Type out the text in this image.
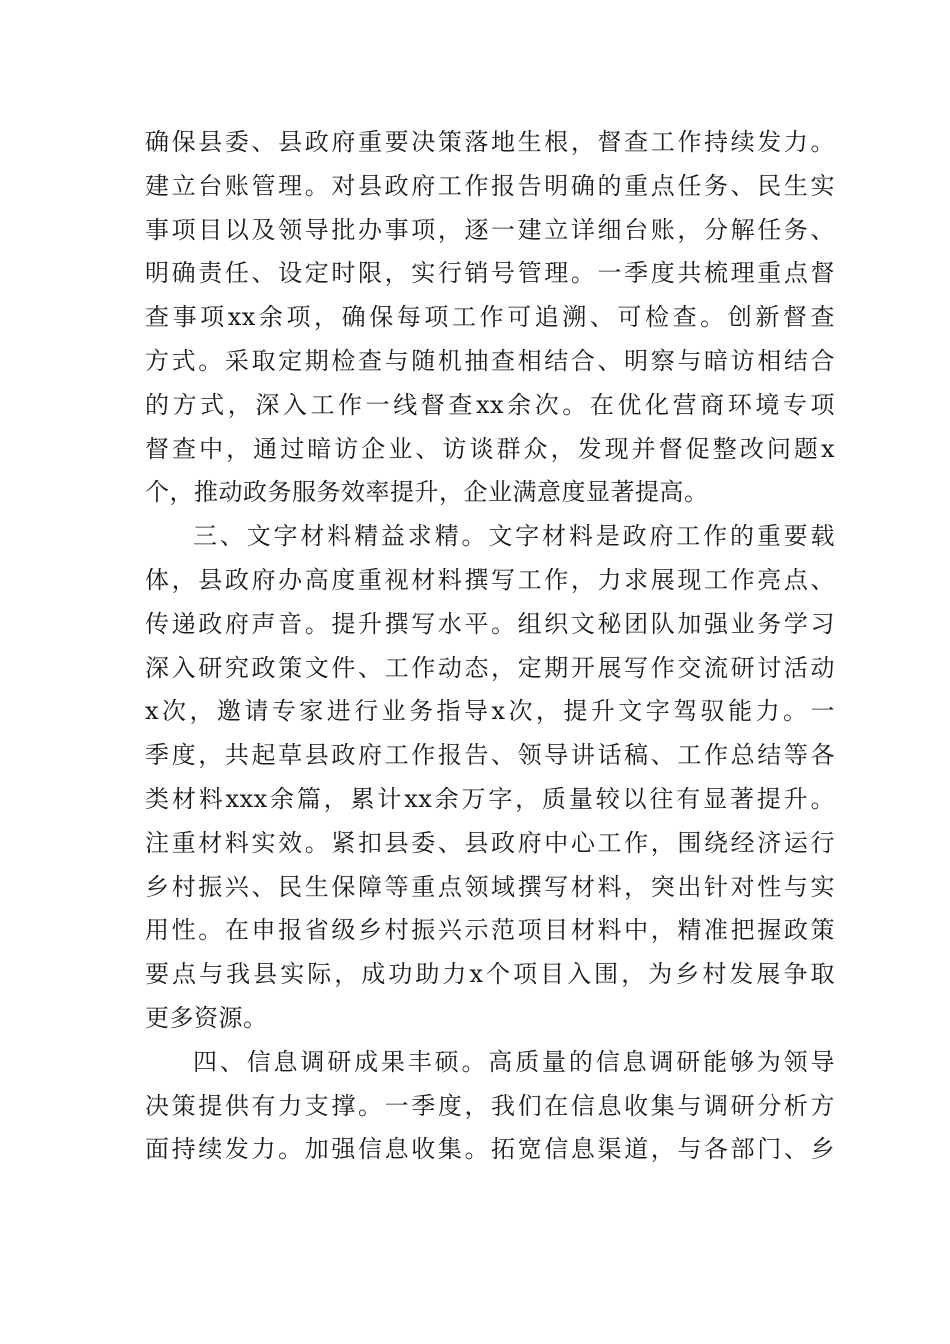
确保县委、县政府重要决策落地生根，督查工作持续发力。
建立台账管理。对县政府工作报告明确的重点任务、民生实
事项目以及领导批办事项，逐一建立详细台账，分解任务、
明确责任、设定时限，实行销号管理。一季度共梳理重点督
查事项xx余项，确保每项工作可追溯、可检查。创新督查
方式。采取定期检查与随机抽查相结合、明察与暗访相结合
的方式，深入工作一线督查xx余次。在优化营商环境专项
督查中，通过暗访企业、访谈群众，发现并督促整改问题x
个，推动政务服务效率提升，企业满意度显著提高。
三、文字材料精益求精。文字材料是政府工作的重要载
体，县政府办高度重视材料撰写工作，力求展现工作亮点、
传递政府声音。提升撰写水平。组织文秘团队加强业务学习
深入研究政策文件、工作动态，定期开展写作交流研讨活动
x次，邀请专家进行业务指导x次，提升文字驾驭能力。一
季度，共起草县政府工作报告、领导讲话稿、工作总结等各
类材料xxx余篇，累计xx余万字，质量较以往有显著提升。
注重材料实效。紧扣县委、县政府中心工作，围绕经济运行
乡村振兴、民生保障等重点领域撰写材料，突出针对性与实
用性。在申报省级乡村振兴示范项目材料中，精准把握政策
要点与我县实际，成功助力x个项目入围，为乡村发展争取
更多资源。
四、信息调研成果丰硕。高质量的信息调研能够为领导
决策提供有力支撑。一季度，我们在信息收集与调研分析方
面持续发力。加强信息收集。拓宽信息渠道，与各部门、乡
